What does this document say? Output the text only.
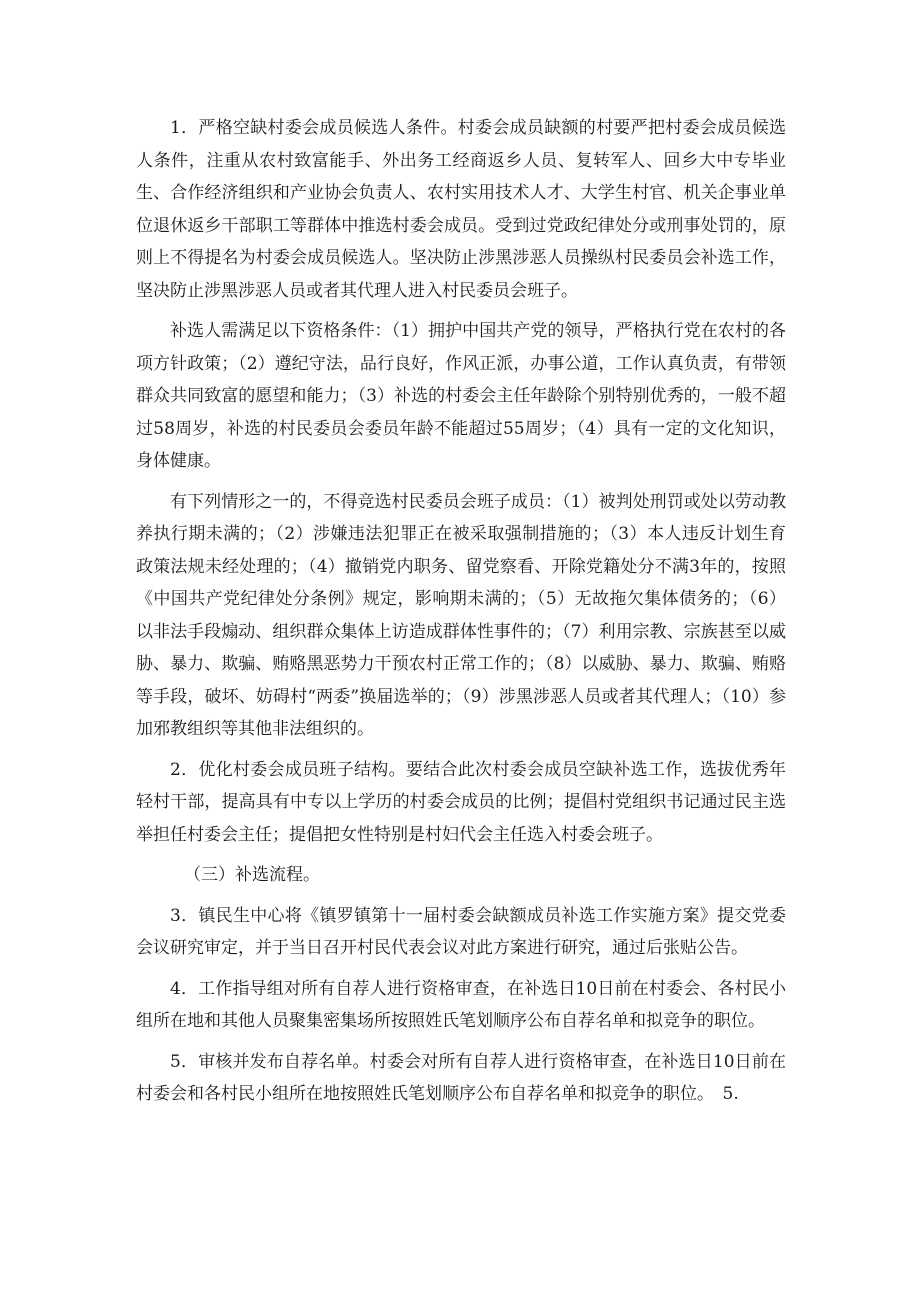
1．严格空缺村委会成员候选人条件。村委会成员缺额的村要严把村委会成员候选人条件，注重从农村致富能手、外出务工经商返乡人员、复转军人、回乡大中专毕业生、合作经济组织和产业协会负责人、农村实用技术人才、大学生村官、机关企事业单位退休返乡干部职工等群体中推选村委会成员。受到过党政纪律处分或刑事处罚的，原则上不得提名为村委会成员候选人。坚决防止涉黑涉恶人员操纵村民委员会补选工作，坚决防止涉黑涉恶人员或者其代理人进入村民委员会班子。

补选人需满足以下资格条件：（1）拥护中国共产党的领导，严格执行党在农村的各项方针政策；（2）遵纪守法，品行良好，作风正派，办事公道，工作认真负责，有带领群众共同致富的愿望和能力；（3）补选的村委会主任年龄除个别特别优秀的，一般不超过58周岁，补选的村民委员会委员年龄不能超过55周岁；（4）具有一定的文化知识，身体健康。

有下列情形之一的，不得竞选村民委员会班子成员：（1）被判处刑罚或处以劳动教养执行期未满的；（2）涉嫌违法犯罪正在被采取强制措施的；（3）本人违反计划生育政策法规未经处理的；（4）撤销党内职务、留党察看、开除党籍处分不满3年的，按照《中国共产党纪律处分条例》规定，影响期未满的；（5）无故拖欠集体债务的；（6）以非法手段煽动、组织群众集体上访造成群体性事件的；（7）利用宗教、宗族甚至以威胁、暴力、欺骗、贿赂黑恶势力干预农村正常工作的；（8）以威胁、暴力、欺骗、贿赂等手段，破坏、妨碍村“两委”换届选举的；（9）涉黑涉恶人员或者其代理人；（10）参加邪教组织等其他非法组织的。

2．优化村委会成员班子结构。要结合此次村委会成员空缺补选工作，选拔优秀年轻村干部，提高具有中专以上学历的村委会成员的比例；提倡村党组织书记通过民主选举担任村委会主任；提倡把女性特别是村妇代会主任选入村委会班子。

（三）补选流程。

3．镇民生中心将《镇罗镇第十一届村委会缺额成员补选工作实施方案》提交党委会议研究审定，并于当日召开村民代表会议对此方案进行研究，通过后张贴公告。

4．工作指导组对所有自荐人进行资格审查，在补选日10日前在村委会、各村民小组所在地和其他人员聚集密集场所按照姓氏笔划顺序公布自荐名单和拟竞争的职位。

5．审核并发布自荐名单。村委会对所有自荐人进行资格审查，在补选日10日前在村委会和各村民小组所在地按照姓氏笔划顺序公布自荐名单和拟竞争的职位。　5.
